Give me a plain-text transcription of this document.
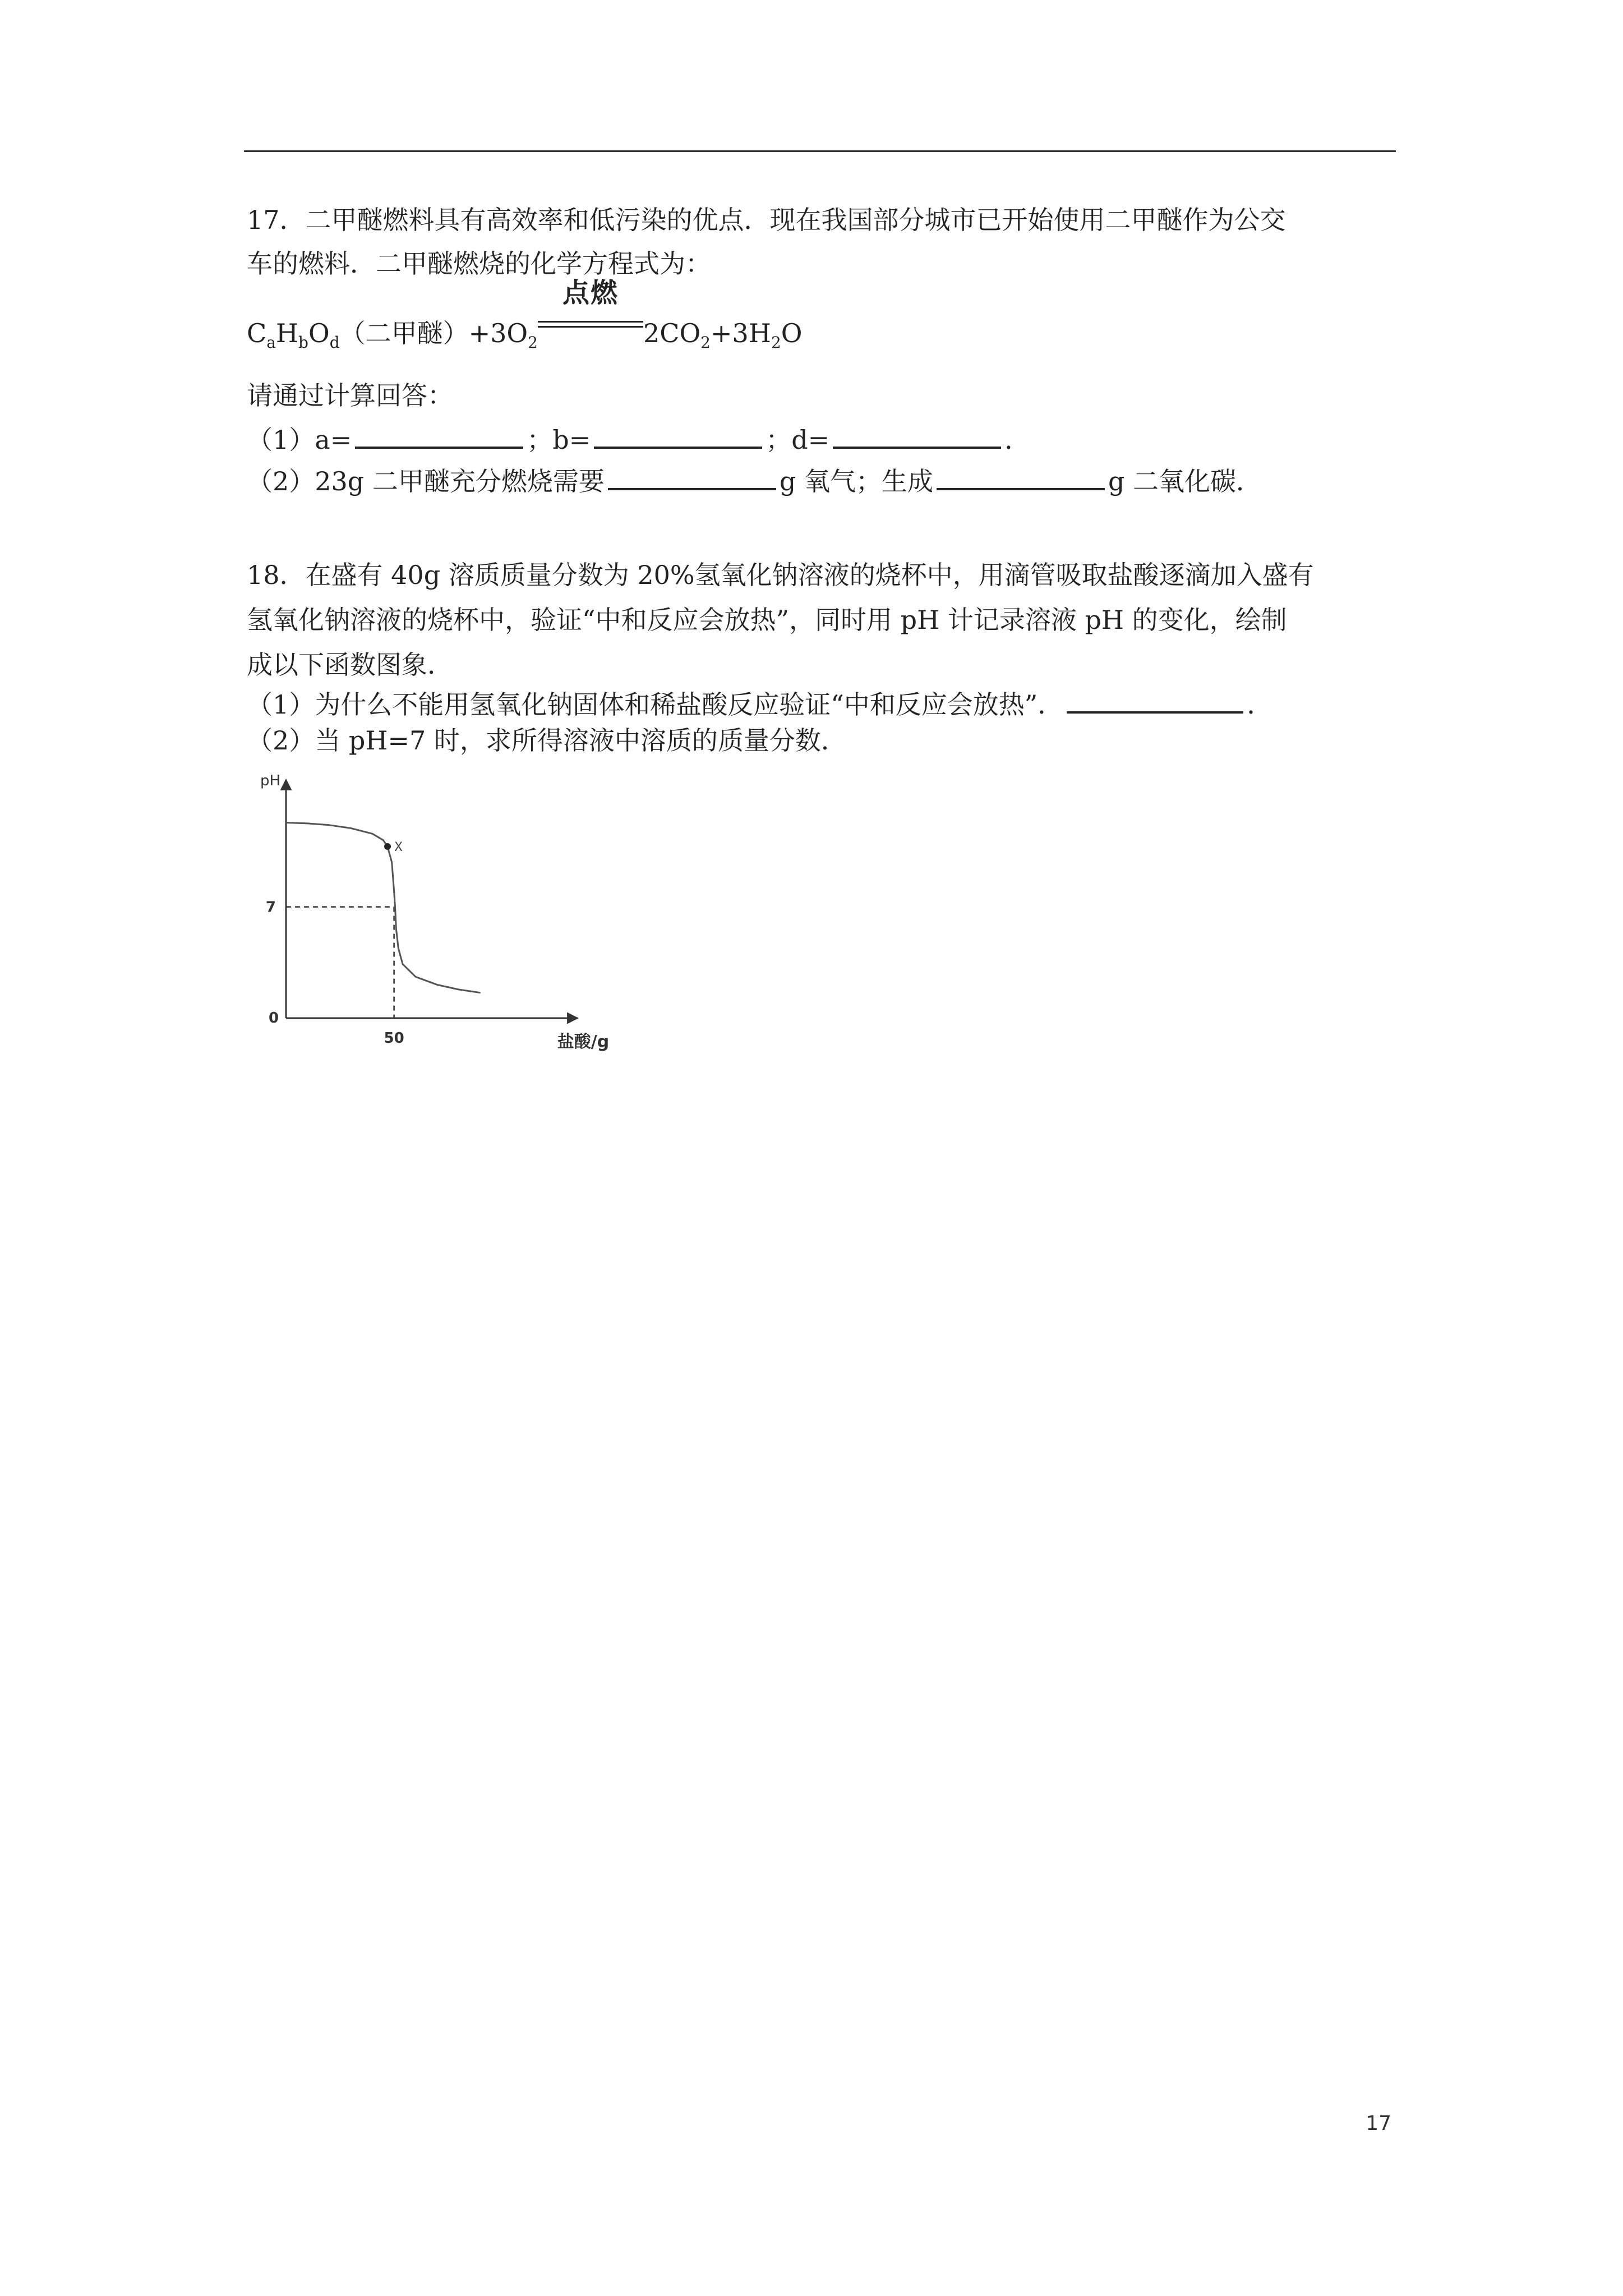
17．二甲醚燃料具有高效率和低污染的优点．现在我国部分城市已开始使用二甲醚作为公交
车的燃料．二甲醚燃烧的化学方程式为：
$C_aH_bO_d$（二甲醚）$+3O_2$
点燃
$2CO_2+3H_2O$
请通过计算回答：
（1）a=	；b=	；d=	．
（2）23g 二甲醚充分燃烧需要	g 氧气；生成	g 二氧化碳．
18．在盛有 40g 溶质质量分数为 20%氢氧化钠溶液的烧杯中，用滴管吸取盐酸逐滴加入盛有
氢氧化钠溶液的烧杯中，验证“中和反应会放热”，同时用 pH 计记录溶液 pH 的变化，绘制
成以下函数图象．
（1）为什么不能用氢氧化钠固体和稀盐酸反应验证“中和反应会放热”．	．
（2）当 pH=7 时，求所得溶液中溶质的质量分数．
pH
盐酸/g
0
7
50
X
17
